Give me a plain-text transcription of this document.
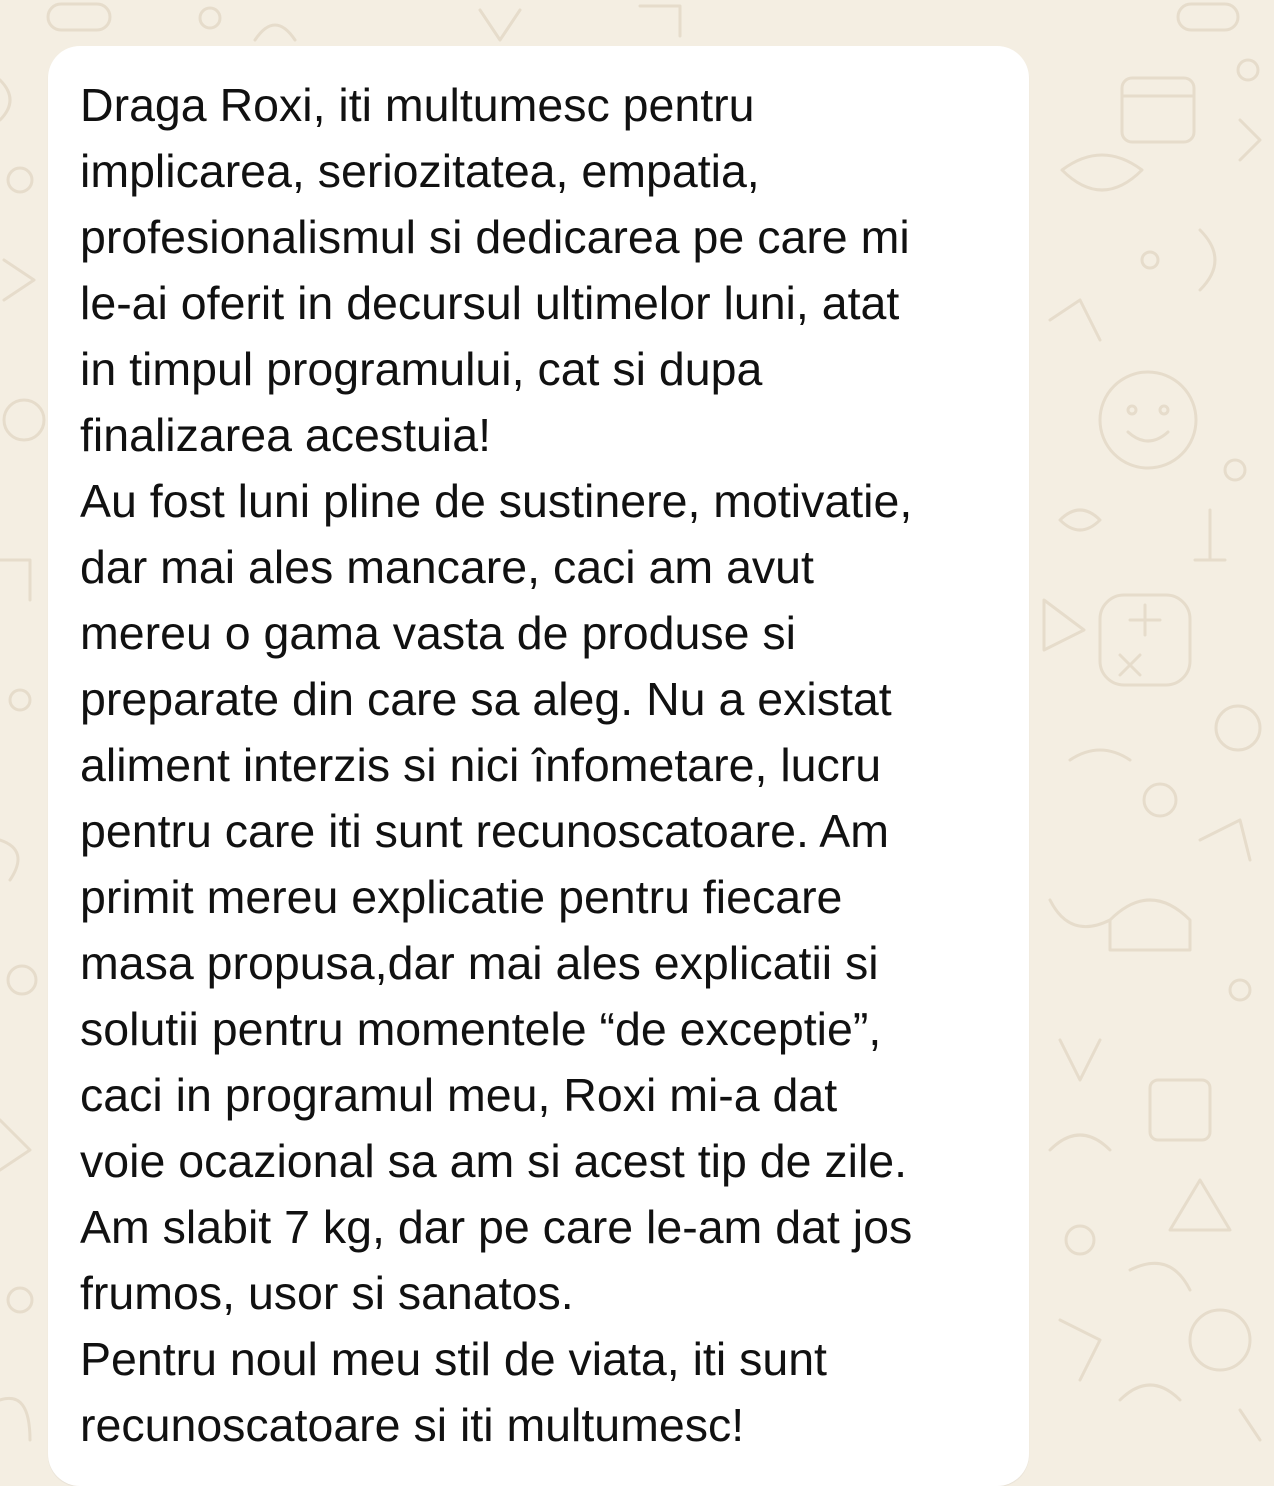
Draga Roxi, iti multumesc pentru
implicarea, seriozitatea, empatia,
profesionalismul si dedicarea pe care mi
le-ai oferit in decursul ultimelor luni, atat
in timpul programului, cat si dupa
finalizarea acestuia!
Au fost luni pline de sustinere, motivatie,
dar mai ales mancare, caci am avut
mereu o gama vasta de produse si
preparate din care sa aleg. Nu a existat
aliment interzis si nici înfometare, lucru
pentru care iti sunt recunoscatoare. Am
primit mereu explicatie pentru fiecare
masa propusa,dar mai ales explicatii si
solutii pentru momentele “de exceptie”,
caci in programul meu, Roxi mi-a dat
voie ocazional sa am si acest tip de zile.
Am slabit 7 kg, dar pe care le-am dat jos
frumos, usor si sanatos.
Pentru noul meu stil de viata, iti sunt
recunoscatoare si iti multumesc!
